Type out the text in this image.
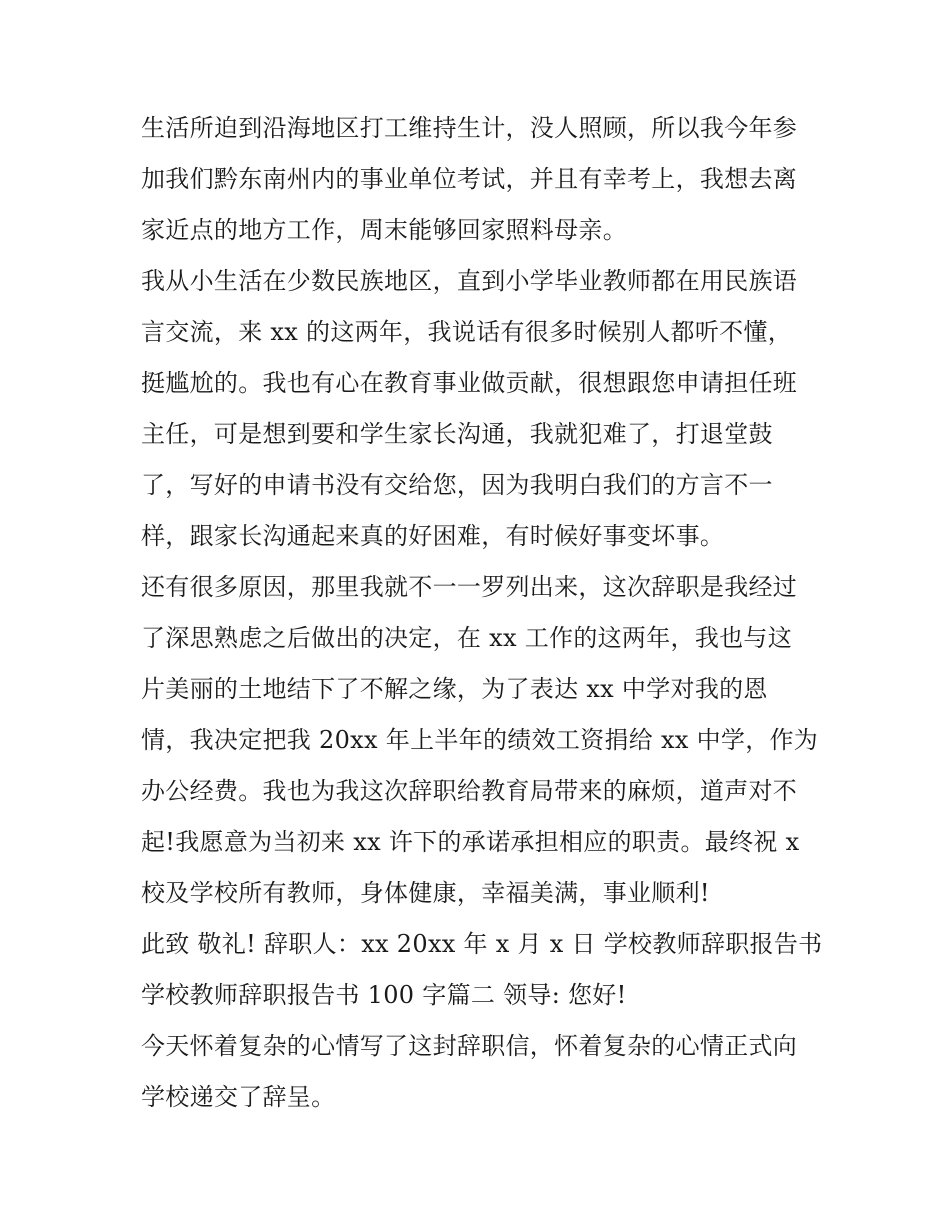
生活所迫到沿海地区打工维持生计，没人照顾，所以我今年参
加我们黔东南州内的事业单位考试，并且有幸考上，我想去离
家近点的地方工作，周末能够回家照料母亲。
我从小生活在少数民族地区，直到小学毕业教师都在用民族语
言交流，来 xx 的这两年，我说话有很多时候别人都听不懂，
挺尴尬的。我也有心在教育事业做贡献，很想跟您申请担任班
主任，可是想到要和学生家长沟通，我就犯难了，打退堂鼓
了，写好的申请书没有交给您，因为我明白我们的方言不一
样，跟家长沟通起来真的好困难，有时候好事变坏事。
还有很多原因，那里我就不一一罗列出来，这次辞职是我经过
了深思熟虑之后做出的决定，在 xx 工作的这两年，我也与这
片美丽的土地结下了不解之缘，为了表达 xx 中学对我的恩
情，我决定把我 20xx 年上半年的绩效工资捐给 xx 中学，作为
办公经费。我也为我这次辞职给教育局带来的麻烦，道声对不
起!我愿意为当初来 xx 许下的承诺承担相应的职责。最终祝 x
校及学校所有教师，身体健康，幸福美满，事业顺利!
此致 敬礼! 辞职人：xx 20xx 年 x 月 x 日 学校教师辞职报告书
学校教师辞职报告书 100 字篇二 领导: 您好!
今天怀着复杂的心情写了这封辞职信，怀着复杂的心情正式向
学校递交了辞呈。
